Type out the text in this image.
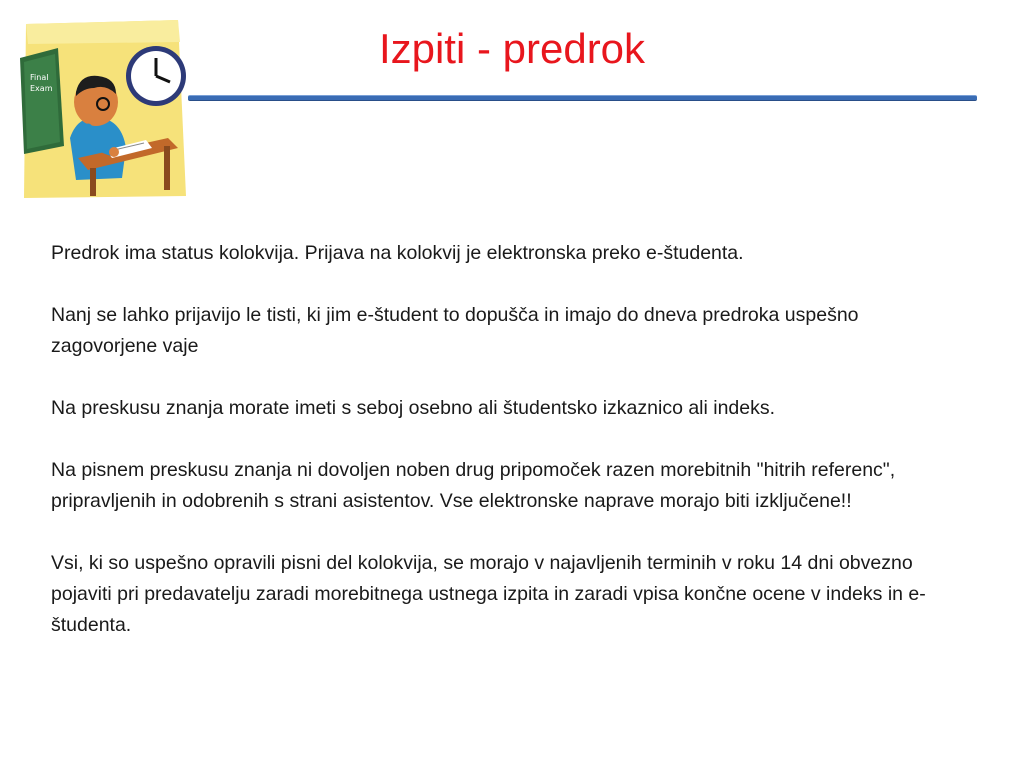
Final
Exam
Izpiti - predrok

Predrok ima status kolokvija. Prijava na kolokvij je elektronska preko e-študenta.

Nanj se lahko prijavijo le tisti, ki jim e-študent to dopušča in imajo do dneva predroka uspešno zagovorjene vaje

Na preskusu znanja morate imeti s seboj osebno ali študentsko izkaznico ali indeks.

Na pisnem preskusu znanja ni dovoljen noben drug pripomoček razen morebitnih "hitrih referenc", pripravljenih in odobrenih s strani asistentov. Vse elektronske naprave morajo biti izključene!!

Vsi, ki so uspešno opravili pisni del kolokvija, se morajo v najavljenih terminih v roku 14 dni obvezno pojaviti pri predavatelju zaradi morebitnega ustnega izpita in zaradi vpisa končne ocene v indeks in e-študenta.
